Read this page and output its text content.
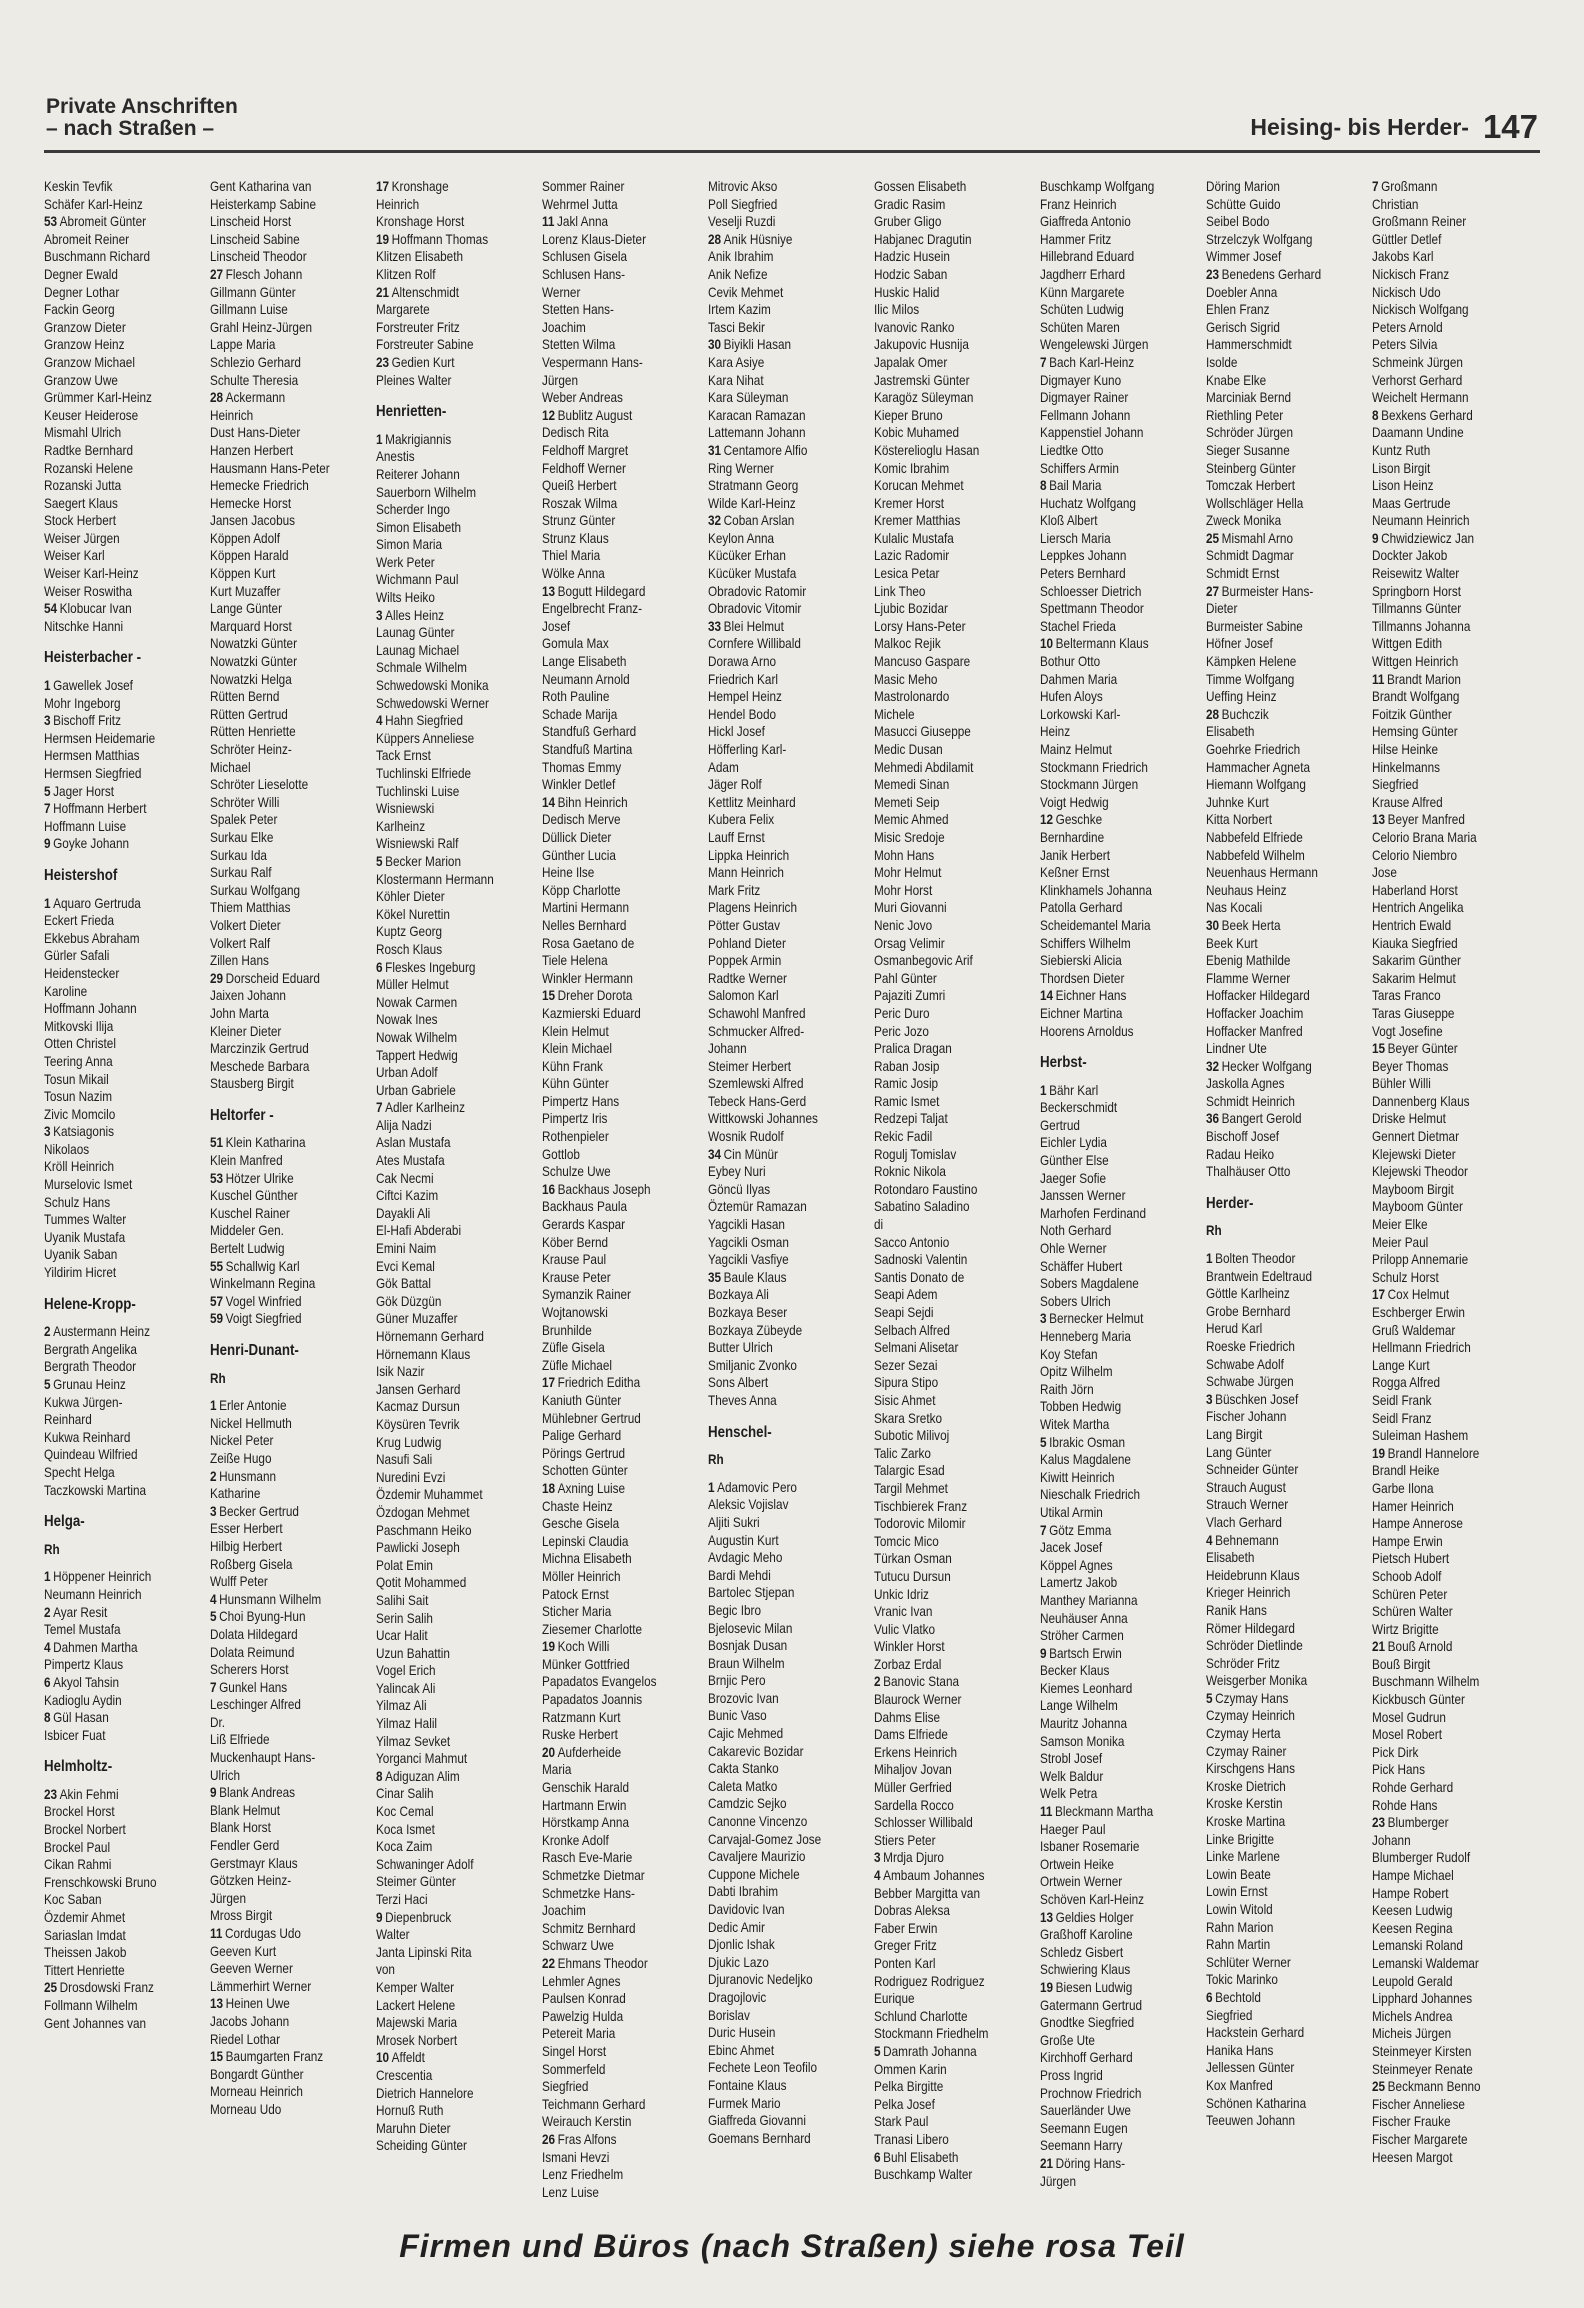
Private Anschriften
– nach Straßen –	Heising- bis Herder- 147
Keskin Tevfik
Schäfer Karl-Heinz
53 Abromeit Günter
Abromeit Reiner
Buschmann Richard
Degner Ewald
Degner Lothar
Fackin Georg
Granzow Dieter
Granzow Heinz
Granzow Michael
Granzow Uwe
Grümmer Karl-Heinz
Keuser Heiderose
Mismahl Ulrich
Radtke Bernhard
Rozanski Helene
Rozanski Jutta
Saegert Klaus
Stock Herbert
Weiser Jürgen
Weiser Karl
Weiser Karl-Heinz
Weiser Roswitha
54 Klobucar Ivan
Nitschke Hanni
Heisterbacher -
1 Gawellek Josef
Mohr Ingeborg
3 Bischoff Fritz
Hermsen Heidemarie
Hermsen Matthias
Hermsen Siegfried
5 Jager Horst
7 Hoffmann Herbert
Hoffmann Luise
9 Goyke Johann
Heistershof
1 Aquaro Gertruda
Eckert Frieda
Ekkebus Abraham
Gürler Safali
Heidenstecker
Karoline
Hoffmann Johann
Mitkovski Ilija
Otten Christel
Teering Anna
Tosun Mikail
Tosun Nazim
Zivic Momcilo
3 Katsiagonis
Nikolaos
Kröll Heinrich
Murselovic Ismet
Schulz Hans
Tummes Walter
Uyanik Mustafa
Uyanik Saban
Yildirim Hicret
Helene-Kropp-
2 Austermann Heinz
Bergrath Angelika
Bergrath Theodor
5 Grunau Heinz
Kukwa Jürgen-
Reinhard
Kukwa Reinhard
Quindeau Wilfried
Specht Helga
Taczkowski Martina
Helga-
Rh
1 Höppener Heinrich
Neumann Heinrich
2 Ayar Resit
Temel Mustafa
4 Dahmen Martha
Pimpertz Klaus
6 Akyol Tahsin
Kadioglu Aydin
8 Gül Hasan
Isbicer Fuat
Helmholtz-
23 Akin Fehmi
Brockel Horst
Brockel Norbert
Brockel Paul
Cikan Rahmi
Frenschkowski Bruno
Koc Saban
Özdemir Ahmet
Sariaslan Imdat
Theissen Jakob
Tittert Henriette
25 Drosdowski Franz
Follmann Wilhelm
Gent Johannes van
Gent Katharina van
Heisterkamp Sabine
Linscheid Horst
Linscheid Sabine
Linscheid Theodor
27 Flesch Johann
Gillmann Günter
Gillmann Luise
Grahl Heinz-Jürgen
Lappe Maria
Schlezio Gerhard
Schulte Theresia
28 Ackermann
Heinrich
Dust Hans-Dieter
Hanzen Herbert
Hausmann Hans-Peter
Hemecke Friedrich
Hemecke Horst
Jansen Jacobus
Köppen Adolf
Köppen Harald
Köppen Kurt
Kurt Muzaffer
Lange Günter
Marquard Horst
Nowatzki Günter
Nowatzki Günter
Nowatzki Helga
Rütten Bernd
Rütten Gertrud
Rütten Henriette
Schröter Heinz-
Michael
Schröter Lieselotte
Schröter Willi
Spalek Peter
Surkau Elke
Surkau Ida
Surkau Ralf
Surkau Wolfgang
Thiem Matthias
Volkert Dieter
Volkert Ralf
Zillen Hans
29 Dorscheid Eduard
Jaixen Johann
John Marta
Kleiner Dieter
Marczinzik Gertrud
Meschede Barbara
Stausberg Birgit
Heltorfer -
51 Klein Katharina
Klein Manfred
53 Hötzer Ulrike
Kuschel Günther
Kuschel Rainer
Middeler Gen.
Bertelt Ludwig
55 Schallwig Karl
Winkelmann Regina
57 Vogel Winfried
59 Voigt Siegfried
Henri-Dunant-
Rh
1 Erler Antonie
Nickel Hellmuth
Nickel Peter
Zeiße Hugo
2 Hunsmann
Katharine
3 Becker Gertrud
Esser Herbert
Hilbig Herbert
Roßberg Gisela
Wulff Peter
4 Hunsmann Wilhelm
5 Choi Byung-Hun
Dolata Hildegard
Dolata Reimund
Scherers Horst
7 Gunkel Hans
Leschinger Alfred
Dr.
Liß Elfriede
Muckenhaupt Hans-
Ulrich
9 Blank Andreas
Blank Helmut
Blank Horst
Fendler Gerd
Gerstmayr Klaus
Götzken Heinz-
Jürgen
Mross Birgit
11 Cordugas Udo
Geeven Kurt
Geeven Werner
Lämmerhirt Werner
13 Heinen Uwe
Jacobs Johann
Riedel Lothar
15 Baumgarten Franz
Bongardt Günther
Morneau Heinrich
Morneau Udo
17 Kronshage
Heinrich
Kronshage Horst
19 Hoffmann Thomas
Klitzen Elisabeth
Klitzen Rolf
21 Altenschmidt
Margarete
Forstreuter Fritz
Forstreuter Sabine
23 Gedien Kurt
Pleines Walter
Henrietten-
1 Makrigiannis
Anestis
Reiterer Johann
Sauerborn Wilhelm
Scherder Ingo
Simon Elisabeth
Simon Maria
Werk Peter
Wichmann Paul
Wilts Heiko
3 Alles Heinz
Launag Günter
Launag Michael
Schmale Wilhelm
Schwedowski Monika
Schwedowski Werner
4 Hahn Siegfried
Küppers Anneliese
Tack Ernst
Tuchlinski Elfriede
Tuchlinski Luise
Wisniewski
Karlheinz
Wisniewski Ralf
5 Becker Marion
Klostermann Hermann
Köhler Dieter
Kökel Nurettin
Kuptz Georg
Rosch Klaus
6 Fleskes Ingeburg
Müller Helmut
Nowak Carmen
Nowak Ines
Nowak Wilhelm
Tappert Hedwig
Urban Adolf
Urban Gabriele
7 Adler Karlheinz
Alija Nadzi
Aslan Mustafa
Ates Mustafa
Cak Necmi
Ciftci Kazim
Dayakli Ali
El-Hafi Abderabi
Emini Naim
Evci Kemal
Gök Battal
Gök Düzgün
Güner Muzaffer
Hörnemann Gerhard
Hörnemann Klaus
Isik Nazir
Jansen Gerhard
Kacmaz Dursun
Köysüren Tevrik
Krug Ludwig
Nasufi Sali
Nuredini Evzi
Özdemir Muhammet
Özdogan Mehmet
Paschmann Heiko
Pawlicki Joseph
Polat Emin
Qotit Mohammed
Salihi Sait
Serin Salih
Ucar Halit
Uzun Bahattin
Vogel Erich
Yalincak Ali
Yilmaz Ali
Yilmaz Halil
Yilmaz Sevket
Yorganci Mahmut
8 Adiguzan Alim
Cinar Salih
Koc Cemal
Koca Ismet
Koca Zaim
Schwaninger Adolf
Steimer Günter
Terzi Haci
9 Diepenbruck
Walter
Janta Lipinski Rita
von
Kemper Walter
Lackert Helene
Majewski Maria
Mrosek Norbert
10 Affeldt
Crescentia
Dietrich Hannelore
Hornuß Ruth
Maruhn Dieter
Scheiding Günter
Sommer Rainer
Wehrmel Jutta
11 Jakl Anna
Lorenz Klaus-Dieter
Schlusen Gisela
Schlusen Hans-
Werner
Stetten Hans-
Joachim
Stetten Wilma
Vespermann Hans-
Jürgen
Weber Andreas
12 Bublitz August
Dedisch Rita
Feldhoff Margret
Feldhoff Werner
Queiß Herbert
Roszak Wilma
Strunz Günter
Strunz Klaus
Thiel Maria
Wölke Anna
13 Bogutt Hildegard
Engelbrecht Franz-
Josef
Gomula Max
Lange Elisabeth
Neumann Arnold
Roth Pauline
Schade Marija
Standfuß Gerhard
Standfuß Martina
Thomas Emmy
Winkler Detlef
14 Bihn Heinrich
Dedisch Merve
Düllick Dieter
Günther Lucia
Heine Ilse
Köpp Charlotte
Martini Hermann
Nelles Bernhard
Rosa Gaetano de
Tiele Helena
Winkler Hermann
15 Dreher Dorota
Kazmierski Eduard
Klein Helmut
Klein Michael
Kühn Frank
Kühn Günter
Pimpertz Hans
Pimpertz Iris
Rothenpieler
Gottlob
Schulze Uwe
16 Backhaus Joseph
Backhaus Paula
Gerards Kaspar
Köber Bernd
Krause Paul
Krause Peter
Symanzik Rainer
Wojtanowski
Brunhilde
Züfle Gisela
Züfle Michael
17 Friedrich Editha
Kaniuth Günter
Mühlebner Gertrud
Palige Gerhard
Pörings Gertrud
Schotten Günter
18 Axning Luise
Chaste Heinz
Gesche Gisela
Lepinski Claudia
Michna Elisabeth
Möller Heinrich
Patock Ernst
Sticher Maria
Ziesemer Charlotte
19 Koch Willi
Münker Gottfried
Papadatos Evangelos
Papadatos Joannis
Ratzmann Kurt
Ruske Herbert
20 Aufderheide
Maria
Genschik Harald
Hartmann Erwin
Hörstkamp Anna
Kronke Adolf
Rasch Eve-Marie
Schmetzke Dietmar
Schmetzke Hans-
Joachim
Schmitz Bernhard
Schwarz Uwe
22 Ehmans Theodor
Lehmler Agnes
Paulsen Konrad
Pawelzig Hulda
Petereit Maria
Singel Horst
Sommerfeld
Siegfried
Teichmann Gerhard
Weirauch Kerstin
26 Fras Alfons
Ismani Hevzi
Lenz Friedhelm
Lenz Luise
Mitrovic Akso
Poll Siegfried
Veselji Ruzdi
28 Anik Hüsniye
Anik Ibrahim
Anik Nefize
Cevik Mehmet
Irtem Kazim
Tasci Bekir
30 Biyikli Hasan
Kara Asiye
Kara Nihat
Kara Süleyman
Karacan Ramazan
Lattemann Johann
31 Centamore Alfio
Ring Werner
Stratmann Georg
Wilde Karl-Heinz
32 Coban Arslan
Keylon Anna
Kücüker Erhan
Kücüker Mustafa
Obradovic Ratomir
Obradovic Vitomir
33 Blei Helmut
Cornfere Willibald
Dorawa Arno
Friedrich Karl
Hempel Heinz
Hendel Bodo
Hickl Josef
Höfferling Karl-
Adam
Jäger Rolf
Kettlitz Meinhard
Kubera Felix
Lauff Ernst
Lippka Heinrich
Mann Heinrich
Mark Fritz
Plagens Heinrich
Pötter Gustav
Pohland Dieter
Poppek Armin
Radtke Werner
Salomon Karl
Schawohl Manfred
Schmucker Alfred-
Johann
Steimer Herbert
Szemlewski Alfred
Tebeck Hans-Gerd
Wittkowski Johannes
Wosnik Rudolf
34 Cin Münür
Eybey Nuri
Göncü Ilyas
Öztemür Ramazan
Yagcikli Hasan
Yagcikli Osman
Yagcikli Vasfiye
35 Baule Klaus
Bozkaya Ali
Bozkaya Beser
Bozkaya Zübeyde
Butter Ulrich
Smiljanic Zvonko
Sons Albert
Theves Anna
Henschel-
Rh
1 Adamovic Pero
Aleksic Vojislav
Aljiti Sukri
Augustin Kurt
Avdagic Meho
Bardi Mehdi
Bartolec Stjepan
Begic Ibro
Bjelosevic Milan
Bosnjak Dusan
Braun Wilhelm
Brnjic Pero
Brozovic Ivan
Bunic Vaso
Cajic Mehmed
Cakarevic Bozidar
Cakta Stanko
Caleta Matko
Camdzic Sejko
Canonne Vincenzo
Carvajal-Gomez Jose
Cavaljere Maurizio
Cuppone Michele
Dabti Ibrahim
Davidovic Ivan
Dedic Amir
Djonlic Ishak
Djukic Lazo
Djuranovic Nedeljko
Dragojlovic
Borislav
Duric Husein
Ebinc Ahmet
Fechete Leon Teofilo
Fontaine Klaus
Furmek Mario
Giaffreda Giovanni
Goemans Bernhard
Gossen Elisabeth
Gradic Rasim
Gruber Gligo
Habjanec Dragutin
Hadzic Husein
Hodzic Saban
Huskic Halid
Ilic Milos
Ivanovic Ranko
Jakupovic Husnija
Japalak Omer
Jastremski Günter
Karagöz Süleyman
Kieper Bruno
Kobic Muhamed
Kösterelioglu Hasan
Komic Ibrahim
Korucan Mehmet
Kremer Horst
Kremer Matthias
Kulalic Mustafa
Lazic Radomir
Lesica Petar
Link Theo
Ljubic Bozidar
Lorsy Hans-Peter
Malkoc Rejik
Mancuso Gaspare
Masic Meho
Mastrolonardo
Michele
Masucci Giuseppe
Medic Dusan
Mehmedi Abdilamit
Memedi Sinan
Memeti Seip
Memic Ahmed
Misic Sredoje
Mohn Hans
Mohr Helmut
Mohr Horst
Muri Giovanni
Nenic Jovo
Orsag Velimir
Osmanbegovic Arif
Pahl Günter
Pajaziti Zumri
Peric Duro
Peric Jozo
Pralica Dragan
Raban Josip
Ramic Josip
Ramic Ismet
Redzepi Taljat
Rekic Fadil
Rogulj Tomislav
Roknic Nikola
Rotondaro Faustino
Sabatino Saladino
di
Sacco Antonio
Sadnoski Valentin
Santis Donato de
Seapi Adem
Seapi Sejdi
Selbach Alfred
Selmani Alisetar
Sezer Sezai
Sipura Stipo
Sisic Ahmet
Skara Sretko
Subotic Milivoj
Talic Zarko
Talargic Esad
Targil Mehmet
Tischbierek Franz
Todorovic Milomir
Tomcic Mico
Türkan Osman
Tutucu Dursun
Unkic Idriz
Vranic Ivan
Vulic Vlatko
Winkler Horst
Zorbaz Erdal
2 Banovic Stana
Blaurock Werner
Dahms Elise
Dams Elfriede
Erkens Heinrich
Mihaljov Jovan
Müller Gerfried
Sardella Rocco
Schlosser Willibald
Stiers Peter
3 Mrdja Djuro
4 Ambaum Johannes
Bebber Margitta van
Dobras Aleksa
Faber Erwin
Greger Fritz
Ponten Karl
Rodriguez Rodriguez
Eurique
Schlund Charlotte
Stockmann Friedhelm
5 Damrath Johanna
Ommen Karin
Pelka Birgitte
Pelka Josef
Stark Paul
Tranasi Libero
6 Buhl Elisabeth
Buschkamp Walter
Buschkamp Wolfgang
Franz Heinrich
Giaffreda Antonio
Hammer Fritz
Hillebrand Eduard
Jagdherr Erhard
Künn Margarete
Schüten Ludwig
Schüten Maren
Wengelewski Jürgen
7 Bach Karl-Heinz
Digmayer Kuno
Digmayer Rainer
Fellmann Johann
Kappenstiel Johann
Liedtke Otto
Schiffers Armin
8 Bail Maria
Huchatz Wolfgang
Kloß Albert
Liersch Maria
Leppkes Johann
Peters Bernhard
Schloesser Dietrich
Spettmann Theodor
Stachel Frieda
10 Beltermann Klaus
Bothur Otto
Dahmen Maria
Hufen Aloys
Lorkowski Karl-
Heinz
Mainz Helmut
Stockmann Friedrich
Stockmann Jürgen
Voigt Hedwig
12 Geschke
Bernhardine
Janik Herbert
Keßner Ernst
Klinkhamels Johanna
Patolla Gerhard
Scheidemantel Maria
Schiffers Wilhelm
Siebierski Alicia
Thordsen Dieter
14 Eichner Hans
Eichner Martina
Hoorens Arnoldus
Herbst-
1 Bähr Karl
Beckerschmidt
Gertrud
Eichler Lydia
Günther Else
Jaeger Sofie
Janssen Werner
Marhofen Ferdinand
Noth Gerhard
Ohle Werner
Schäffer Hubert
Sobers Magdalene
Sobers Ulrich
3 Bernecker Helmut
Henneberg Maria
Koy Stefan
Opitz Wilhelm
Raith Jörn
Tobben Hedwig
Witek Martha
5 Ibrakic Osman
Kalus Magdalene
Kiwitt Heinrich
Nieschalk Friedrich
Utikal Armin
7 Götz Emma
Jacek Josef
Köppel Agnes
Lamertz Jakob
Manthey Marianna
Neuhäuser Anna
Ströher Carmen
9 Bartsch Erwin
Becker Klaus
Kiemes Leonhard
Lange Wilhelm
Mauritz Johanna
Samson Monika
Strobl Josef
Welk Baldur
Welk Petra
11 Bleckmann Martha
Haeger Paul
Isbaner Rosemarie
Ortwein Heike
Ortwein Werner
Schöven Karl-Heinz
13 Geldies Holger
Graßhoff Karoline
Schledz Gisbert
Schwiering Klaus
19 Biesen Ludwig
Gatermann Gertrud
Gnodtke Siegfried
Große Ute
Kirchhoff Gerhard
Pross Ingrid
Prochnow Friedrich
Sauerländer Uwe
Seemann Eugen
Seemann Harry
21 Döring Hans-
Jürgen
Döring Marion
Schütte Guido
Seibel Bodo
Strzelczyk Wolfgang
Wimmer Josef
23 Benedens Gerhard
Doebler Anna
Ehlen Franz
Gerisch Sigrid
Hammerschmidt
Isolde
Knabe Elke
Marciniak Bernd
Riethling Peter
Schröder Jürgen
Sieger Susanne
Steinberg Günter
Tomczak Herbert
Wollschläger Hella
Zweck Monika
25 Mismahl Arno
Schmidt Dagmar
Schmidt Ernst
27 Burmeister Hans-
Dieter
Burmeister Sabine
Höfner Josef
Kämpken Helene
Timme Wolfgang
Ueffing Heinz
28 Buchczik
Elisabeth
Goehrke Friedrich
Hammacher Agneta
Hiemann Wolfgang
Juhnke Kurt
Kitta Norbert
Nabbefeld Elfriede
Nabbefeld Wilhelm
Neuenhaus Hermann
Neuhaus Heinz
Nas Kocali
30 Beek Herta
Beek Kurt
Ebenig Mathilde
Flamme Werner
Hoffacker Hildegard
Hoffacker Joachim
Hoffacker Manfred
Lindner Ute
32 Hecker Wolfgang
Jaskolla Agnes
Schmidt Heinrich
36 Bangert Gerold
Bischoff Josef
Radau Heiko
Thalhäuser Otto
Herder-
Rh
1 Bolten Theodor
Brantwein Edeltraud
Göttle Karlheinz
Grobe Bernhard
Herud Karl
Roeske Friedrich
Schwabe Adolf
Schwabe Jürgen
3 Büschken Josef
Fischer Johann
Lang Birgit
Lang Günter
Schneider Günter
Strauch August
Strauch Werner
Vlach Gerhard
4 Behnemann
Elisabeth
Heidebrunn Klaus
Krieger Heinrich
Ranik Hans
Römer Hildegard
Schröder Dietlinde
Schröder Fritz
Weisgerber Monika
5 Czymay Hans
Czymay Heinrich
Czymay Herta
Czymay Rainer
Kirschgens Hans
Kroske Dietrich
Kroske Kerstin
Kroske Martina
Linke Brigitte
Linke Marlene
Lowin Beate
Lowin Ernst
Lowin Witold
Rahn Marion
Rahn Martin
Schlüter Werner
Tokic Marinko
6 Bechtold
Siegfried
Hackstein Gerhard
Hanika Hans
Jellessen Günter
Kox Manfred
Schönen Katharina
Teeuwen Johann
7 Großmann
Christian
Großmann Reiner
Güttler Detlef
Jakobs Karl
Nickisch Franz
Nickisch Udo
Nickisch Wolfgang
Peters Arnold
Peters Silvia
Schmeink Jürgen
Verhorst Gerhard
Weichelt Hermann
8 Bexkens Gerhard
Daamann Undine
Kuntz Ruth
Lison Birgit
Lison Heinz
Maas Gertrude
Neumann Heinrich
9 Chwidziewicz Jan
Dockter Jakob
Reisewitz Walter
Springborn Horst
Tillmanns Günter
Tillmanns Johanna
Wittgen Edith
Wittgen Heinrich
11 Brandt Marion
Brandt Wolfgang
Foitzik Günther
Hemsing Günter
Hilse Heinke
Hinkelmanns
Siegfried
Krause Alfred
13 Beyer Manfred
Celorio Brana Maria
Celorio Niembro
Jose
Haberland Horst
Hentrich Angelika
Hentrich Ewald
Kiauka Siegfried
Sakarim Günther
Sakarim Helmut
Taras Franco
Taras Giuseppe
Vogt Josefine
15 Beyer Günter
Beyer Thomas
Bühler Willi
Dannenberg Klaus
Driske Helmut
Gennert Dietmar
Klejewski Dieter
Klejewski Theodor
Mayboom Birgit
Mayboom Günter
Meier Elke
Meier Paul
Prilopp Annemarie
Schulz Horst
17 Cox Helmut
Eschberger Erwin
Gruß Waldemar
Hellmann Friedrich
Lange Kurt
Rogga Alfred
Seidl Frank
Seidl Franz
Suleiman Hashem
19 Brandl Hannelore
Brandl Heike
Garbe Ilona
Hamer Heinrich
Hampe Annerose
Hampe Erwin
Pietsch Hubert
Schoob Adolf
Schüren Peter
Schüren Walter
Wirtz Brigitte
21 Bouß Arnold
Bouß Birgit
Buschmann Wilhelm
Kickbusch Günter
Mosel Gudrun
Mosel Robert
Pick Dirk
Pick Hans
Rohde Gerhard
Rohde Hans
23 Blumberger
Johann
Blumberger Rudolf
Hampe Michael
Hampe Robert
Keesen Ludwig
Keesen Regina
Lemanski Roland
Lemanski Waldemar
Leupold Gerald
Lipphard Johannes
Michels Andrea
Micheis Jürgen
Steinmeyer Kirsten
Steinmeyer Renate
25 Beckmann Benno
Fischer Anneliese
Fischer Frauke
Fischer Margarete
Heesen Margot
Firmen und Büros (nach Straßen) siehe rosa Teil
